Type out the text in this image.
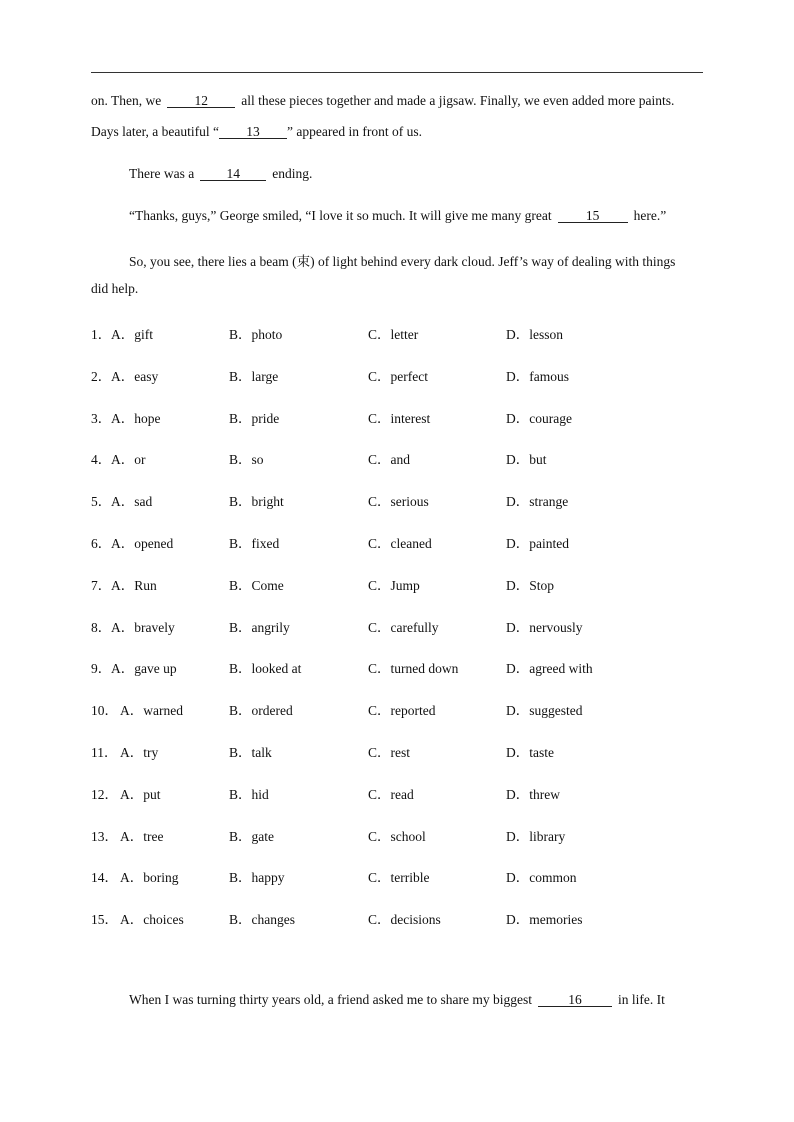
on. Then, we 12 all these pieces together and made a jigsaw. Finally, we even added more paints.
Days later, a beautiful “ 13 ” appeared in front of us.
There was a 14 ending.
“Thanks, guys,” George smiled, “I love it so much. It will give me many great	15	here.”
So, you see, there lies a beam (束) of light behind every dark cloud. Jeff’s way of dealing with things
did help.
1． A．gift	B．photo	C．letter	D．lesson
2． A．easy	B．large	C．perfect	D．famous
3． A．hope	B．pride	C．interest	D．courage
4． A．or	B．so	C．and	D．but
5． A．sad	B．bright	C．serious	D．strange
6． A．opened	B．fixed	C．cleaned	D．painted
7． A．Run	B．Come	C．Jump	D．Stop
8． A．bravely	B．angrily	C．carefully	D．nervously
9． A．gave up	B．looked at	C．turned down	D．agreed with
10． A．warned	B．ordered	C．reported	D．suggested
11． A．try	B．talk	C．rest	D．taste
12． A．put	B．hid	C．read	D．threw
13． A．tree	B．gate	C．school	D．library
14． A．boring	B．happy	C．terrible	D．common
15． A．choices	B．changes	C．decisions	D．memories
When I was turning thirty years old, a friend asked me to share my biggest	16	in life. It
